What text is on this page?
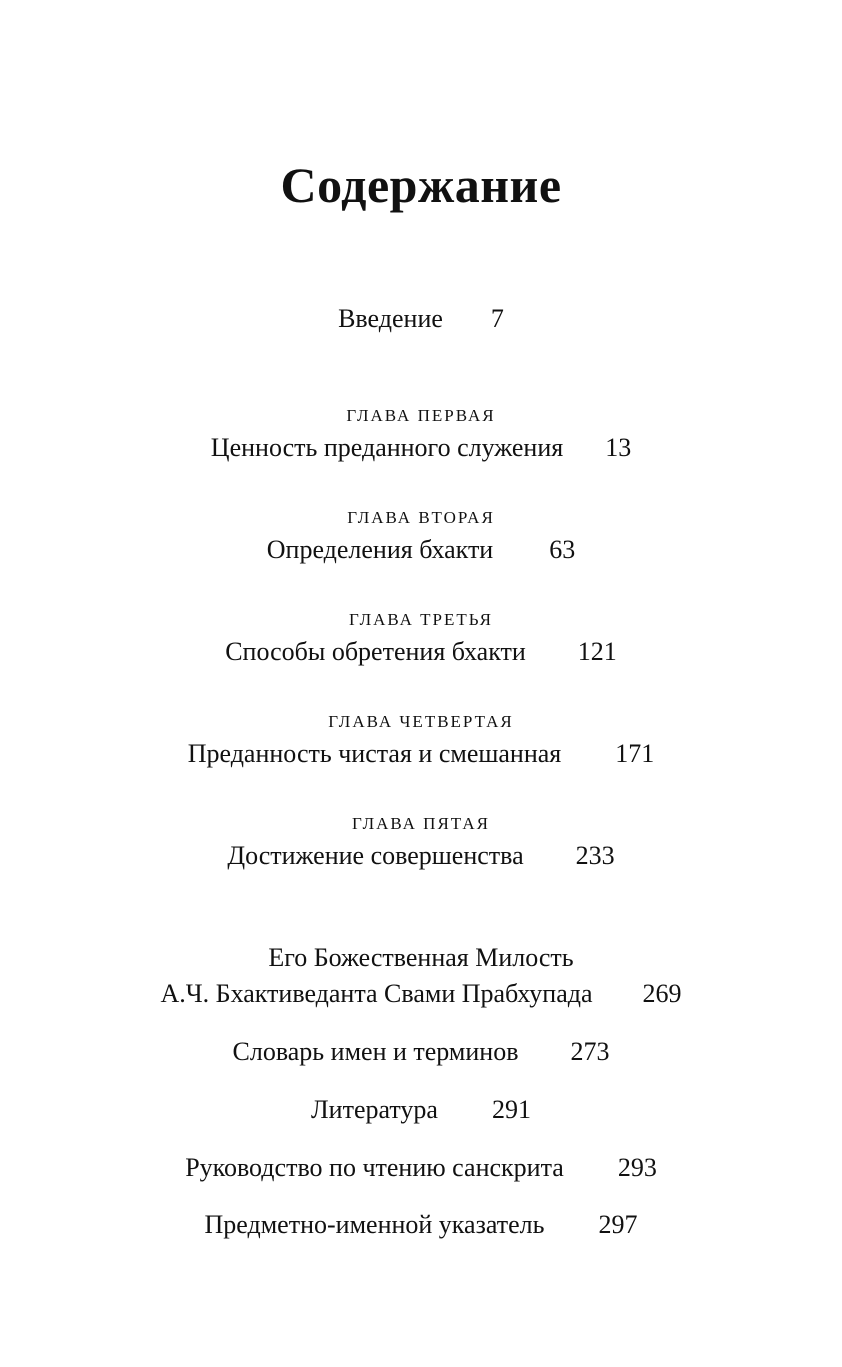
Содержание
Введение 7
ГЛАВА ПЕРВАЯ
Ценность преданного служения 13
ГЛАВА ВТОРАЯ
Определения бхакти 63
ГЛАВА ТРЕТЬЯ
Способы обретения бхакти 121
ГЛАВА ЧЕТВЕРТАЯ
Преданность чистая и смешанная 171
ГЛАВА ПЯТАЯ
Достижение совершенства 233
Его Божественная Милость
А.Ч. Бхактиведанта Свами Прабхупада 269
Словарь имен и терминов 273
Литература 291
Руководство по чтению санскрита 293
Предметно-именной указатель 297
